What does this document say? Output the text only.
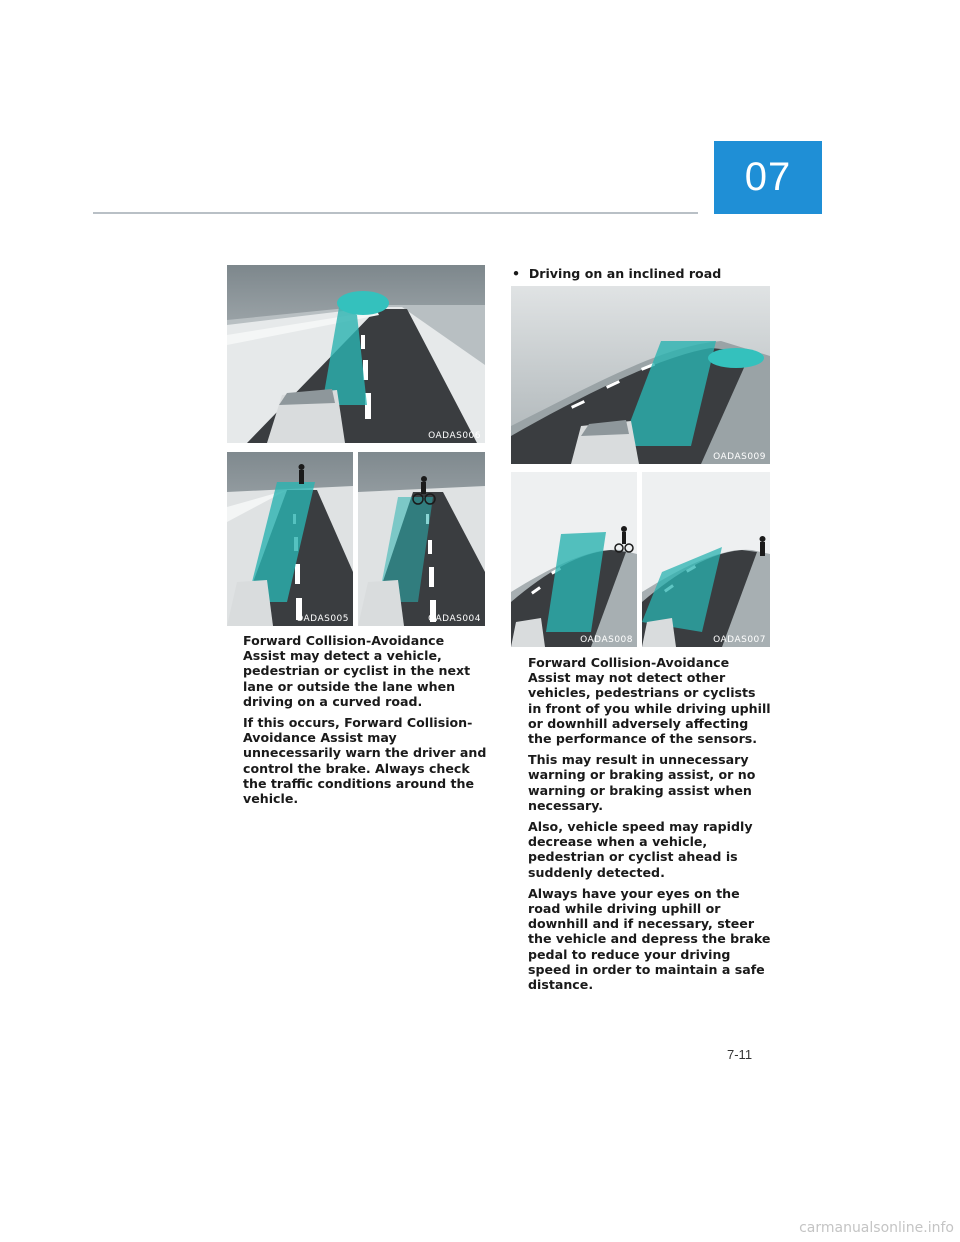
07
OADAS006
OADAS005	OADAS004

Forward Collision-Avoidance Assist may detect a vehicle, pedestrian or cyclist in the next lane or outside the lane when driving on a curved road.

If this occurs, Forward Collision-Avoidance Assist may unnecessarily warn the driver and control the brake. Always check the traffic conditions around the vehicle.

•  Driving on an inclined road
OADAS009
OADAS008	OADAS007

Forward Collision-Avoidance Assist may not detect other vehicles, pedestrians or cyclists in front of you while driving uphill or downhill adversely affecting the performance of the sensors.

This may result in unnecessary warning or braking assist, or no warning or braking assist when necessary.

Also, vehicle speed may rapidly decrease when a vehicle, pedestrian or cyclist ahead is suddenly detected.

Always have your eyes on the road while driving uphill or downhill and if necessary, steer the vehicle and depress the brake pedal to reduce your driving speed in order to maintain a safe distance.

7-11
carmanualsonline.info
